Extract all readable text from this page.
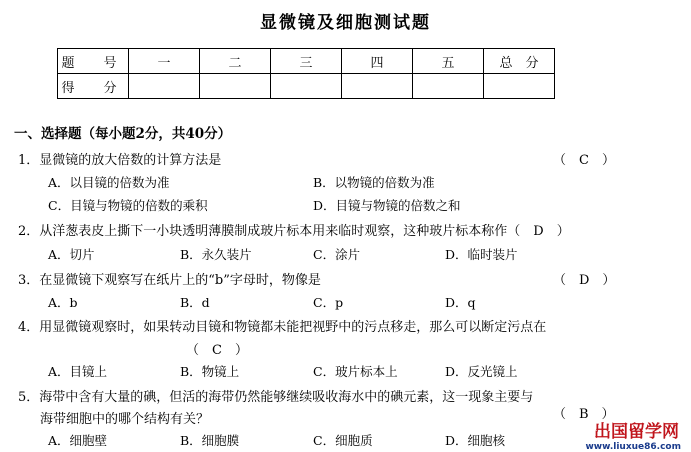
显微镜及细胞测试题
题　号	一	二	三	四	五	总　分
得　分						
一、选择题（每小题2分，共40分）
1．显微镜的放大倍数的计算方法是	（　C　）
A．以目镜的倍数为准	B．以物镜的倍数为准
C．目镜与物镜的倍数的乘积	D．目镜与物镜的倍数之和
2．从洋葱表皮上撕下一小块透明薄膜制成玻片标本用来临时观察，这种玻片标本称作（　D　）
A．切片	B．永久装片	C．涂片	D．临时装片
3．在显微镜下观察写在纸片上的“b”字母时，物像是	（　D　）
A．b	B．d	C．p	D．q
4．用显微镜观察时，如果转动目镜和物镜都未能把视野中的污点移走，那么可以断定污点在
（　C　）
A．目镜上	B．物镜上	C．玻片标本上	D．反光镜上
5．海带中含有大量的碘，但活的海带仍然能够继续吸收海水中的碘元素，这一现象主要与
海带细胞中的哪个结构有关？	（　B　）
A．细胞壁	B．细胞膜	C．细胞质	D．细胞核	出国留学网
www.liuxue86.com
